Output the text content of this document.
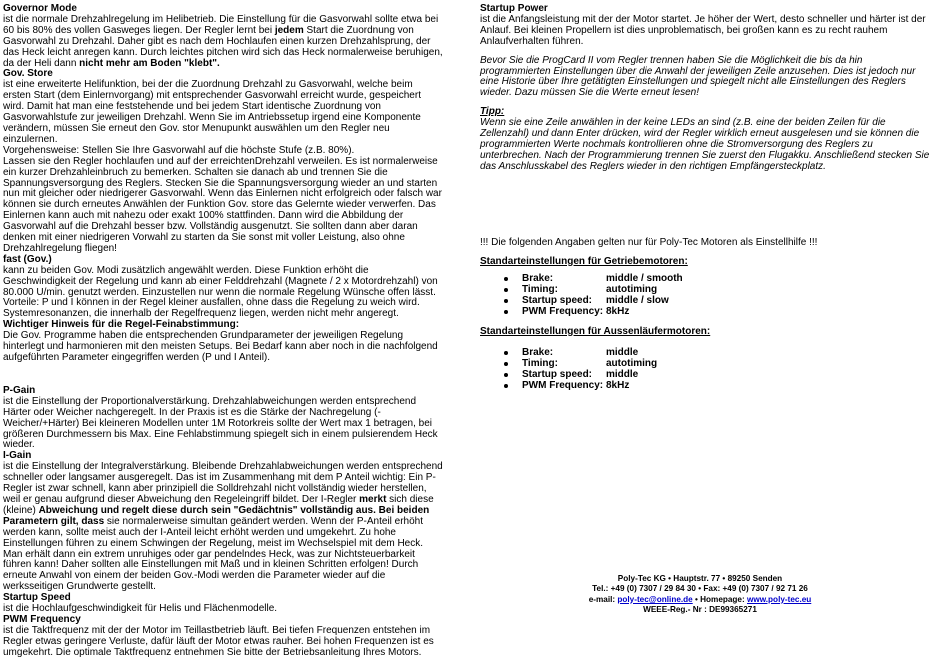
Governor Mode

ist die normale Drehzahlregelung im Helibetrieb. Die Einstellung für die Gasvorwahl sollte etwa bei 60 bis 80% des vollen Gasweges liegen. Der Regler lernt bei jedem Start die Zuordnung von Gasvorwahl zu Drehzahl. Daher gibt es nach dem Hochlaufen einen kurzen Drehzahlsprung, der das Heck leicht anregen kann. Durch leichtes pitchen wird sich das Heck normalerweise beruhigen, da der Heli dann nicht mehr am Boden "klebt".

Gov. Store

ist eine erweiterte Helifunktion, bei der die Zuordnung Drehzahl zu Gasvorwahl, welche beim ersten Start (dem Einlernvorgang) mit entsprechender Gasvorwahl erreicht wurde, gespeichert wird. Damit hat man eine feststehende und bei jedem Start identische Zuordnung von Gasvorwahlstufe zur jeweiligen Drehzahl. Wenn Sie im Antriebssetup irgend eine Komponente verändern, müssen Sie erneut den Gov. stor Menupunkt auswählen um den Regler neu einzulernen.

Vorgehensweise: Stellen Sie Ihre Gasvorwahl auf die höchste Stufe (z.B. 80%).

Lassen sie den Regler hochlaufen und auf der erreichtenDrehzahl verweilen. Es ist normalerweise ein kurzer Drehzahleinbruch zu bemerken. Schalten sie danach ab und trennen Sie die Spannungsversorgung des Reglers. Stecken Sie die Spannungsversorgung wieder an und starten nun mit gleicher oder niedrigerer Gasvorwahl. Wenn das Einlernen nicht erfolgreich oder falsch war können sie durch erneutes Anwählen der Funktion Gov. store das Gelernte wieder verwerfen. Das Einlernen kann auch mit nahezu oder exakt 100% stattfinden. Dann wird die Abbildung der Gasvorwahl auf die Drehzahl besser bzw. Vollständig ausgenutzt. Sie sollten dann aber daran denken mit einer niedrigeren Vorwahl zu starten da Sie sonst mit voller Leistung, also ohne Drehzahlregelung fliegen!

fast (Gov.)

kann zu beiden Gov. Modi zusätzlich angewählt werden. Diese Funktion erhöht die Geschwindigkeit der Regelung und kann ab einer Felddrehzahl (Magnete / 2 x Motordrehzahl) von 80.000 U/min. genutzt werden. Einzustellen nur wenn die normale Regelung Wünsche offen lässt. Vorteile: P und I können in der Regel kleiner ausfallen, ohne dass die Regelung zu weich wird. Systemresonanzen, die innerhalb der Regelfrequenz liegen, werden nicht mehr angeregt.

Wichtiger Hinweis für die Regel-Feinabstimmung:

Die Gov. Programme haben die entsprechenden Grundparameter der jeweiligen Regelung hinterlegt und harmonieren mit den meisten Setups. Bei Bedarf kann aber noch in die nachfolgend aufgeführten Parameter eingegriffen werden (P und I Anteil).

P-Gain

ist die Einstellung der Proportionalverstärkung. Drehzahlabweichungen werden entsprechend Härter oder Weicher nachgeregelt. In der Praxis ist es die Stärke der Nachregelung (-Weicher/+Härter) Bei kleineren Modellen unter 1M Rotorkreis sollte der Wert max 1 betragen, bei größeren Durchmessern bis Max. Eine Fehlabstimmung spiegelt sich in einem pulsierendem Heck wieder.

I-Gain

ist die Einstellung der Integralverstärkung. Bleibende Drehzahlabweichungen werden entsprechend schneller oder langsamer ausgeregelt. Das ist im Zusammenhang mit dem P Anteil wichtig: Ein P-Regler ist zwar schnell, kann aber prinzipiell die Solldrehzahl nicht vollständig wieder herstellen, weil er genau aufgrund dieser Abweichung den Regeleingriff bildet. Der I-Regler merkt sich diese (kleine) Abweichung und regelt diese durch sein "Gedächtnis" vollständig aus. Bei beiden Parametern gilt, dass sie normalerweise simultan geändert werden. Wenn der P-Anteil erhöht werden kann, sollte meist auch der I-Anteil leicht erhöht werden und umgekehrt. Zu hohe Einstellungen führen zu einem Schwingen der Regelung, meist im Wechselspiel mit dem Heck. Man erhält dann ein extrem unruhiges oder gar pendelndes Heck, was zur Nichtsteuerbarkeit führen kann! Daher sollten alle Einstellungen mit Maß und in kleinen Schritten erfolgen! Durch erneute Anwahl von einem der beiden Gov.-Modi werden die Parameter wieder auf die werksseitigen Grundwerte gestellt.

Startup Speed

ist die Hochlaufgeschwindigkeit für Helis und Flächenmodelle.

PWM Frequency

ist die Taktfrequenz mit der der Motor im Teillastbetrieb läuft. Bei tiefen Frequenzen entstehen im Regler etwas geringere Verluste, dafür läuft der Motor etwas rauher. Bei hohen Frequenzen ist es umgekehrt. Die optimale Taktfrequenz entnehmen Sie bitte der Betriebsanleitung Ihres Motors.

Startup Power

ist die Anfangsleistung mit der der Motor startet. Je höher der Wert, desto schneller und härter ist der Anlauf. Bei kleinen Propellern ist dies unproblematisch, bei großen kann es zu recht rauhem Anlaufverhalten führen.

Bevor Sie die ProgCard II vom Regler trennen haben Sie die Möglichkeit die bis da hin programmierten Einstellungen über die Anwahl der jeweiligen Zeile anzusehen. Dies ist jedoch nur eine Historie über Ihre getätigten Einstellungen und spiegelt nicht alle Einstellungen des Reglers wieder. Dazu müssen Sie die Werte erneut lesen!

Tipp:

Wenn sie eine Zeile anwählen in der keine LEDs an sind (z.B. eine der beiden Zeilen für die Zellenzahl) und dann Enter drücken, wird der Regler wirklich erneut ausgelesen und sie können die programmierten Werte nochmals kontrollieren ohne die Stromversorgung des Reglers zu unterbrechen. Nach der Programmierung trennen Sie zuerst den Flugakku. Anschließend stecken Sie das Anschlusskabel des Reglers wieder in den richtigen Empfängersteckplatz.

!!! Die folgenden Angaben gelten nur für Poly-Tec Motoren als Einstellhilfe !!!

Standarteinstellungen für Getriebemotoren:

Brake:	middle / smooth
Timing:	autotiming
Startup speed: middle / slow
PWM Frequency: 8kHz

Standarteinstellungen für Aussenläufermotoren:

Brake:	middle
Timing:	autotiming
Startup speed: middle
PWM Frequency: 8kHz
Poly-Tec KG • Hauptstr. 77 • 89250 Senden
Tel.: +49 (0) 7307 / 29 84 30 • Fax: +49 (0) 7307 / 92 71 26
e-mail: poly-tec@online.de • Homepage: www.poly-tec.eu
WEEE-Reg.- Nr : DE99365271
